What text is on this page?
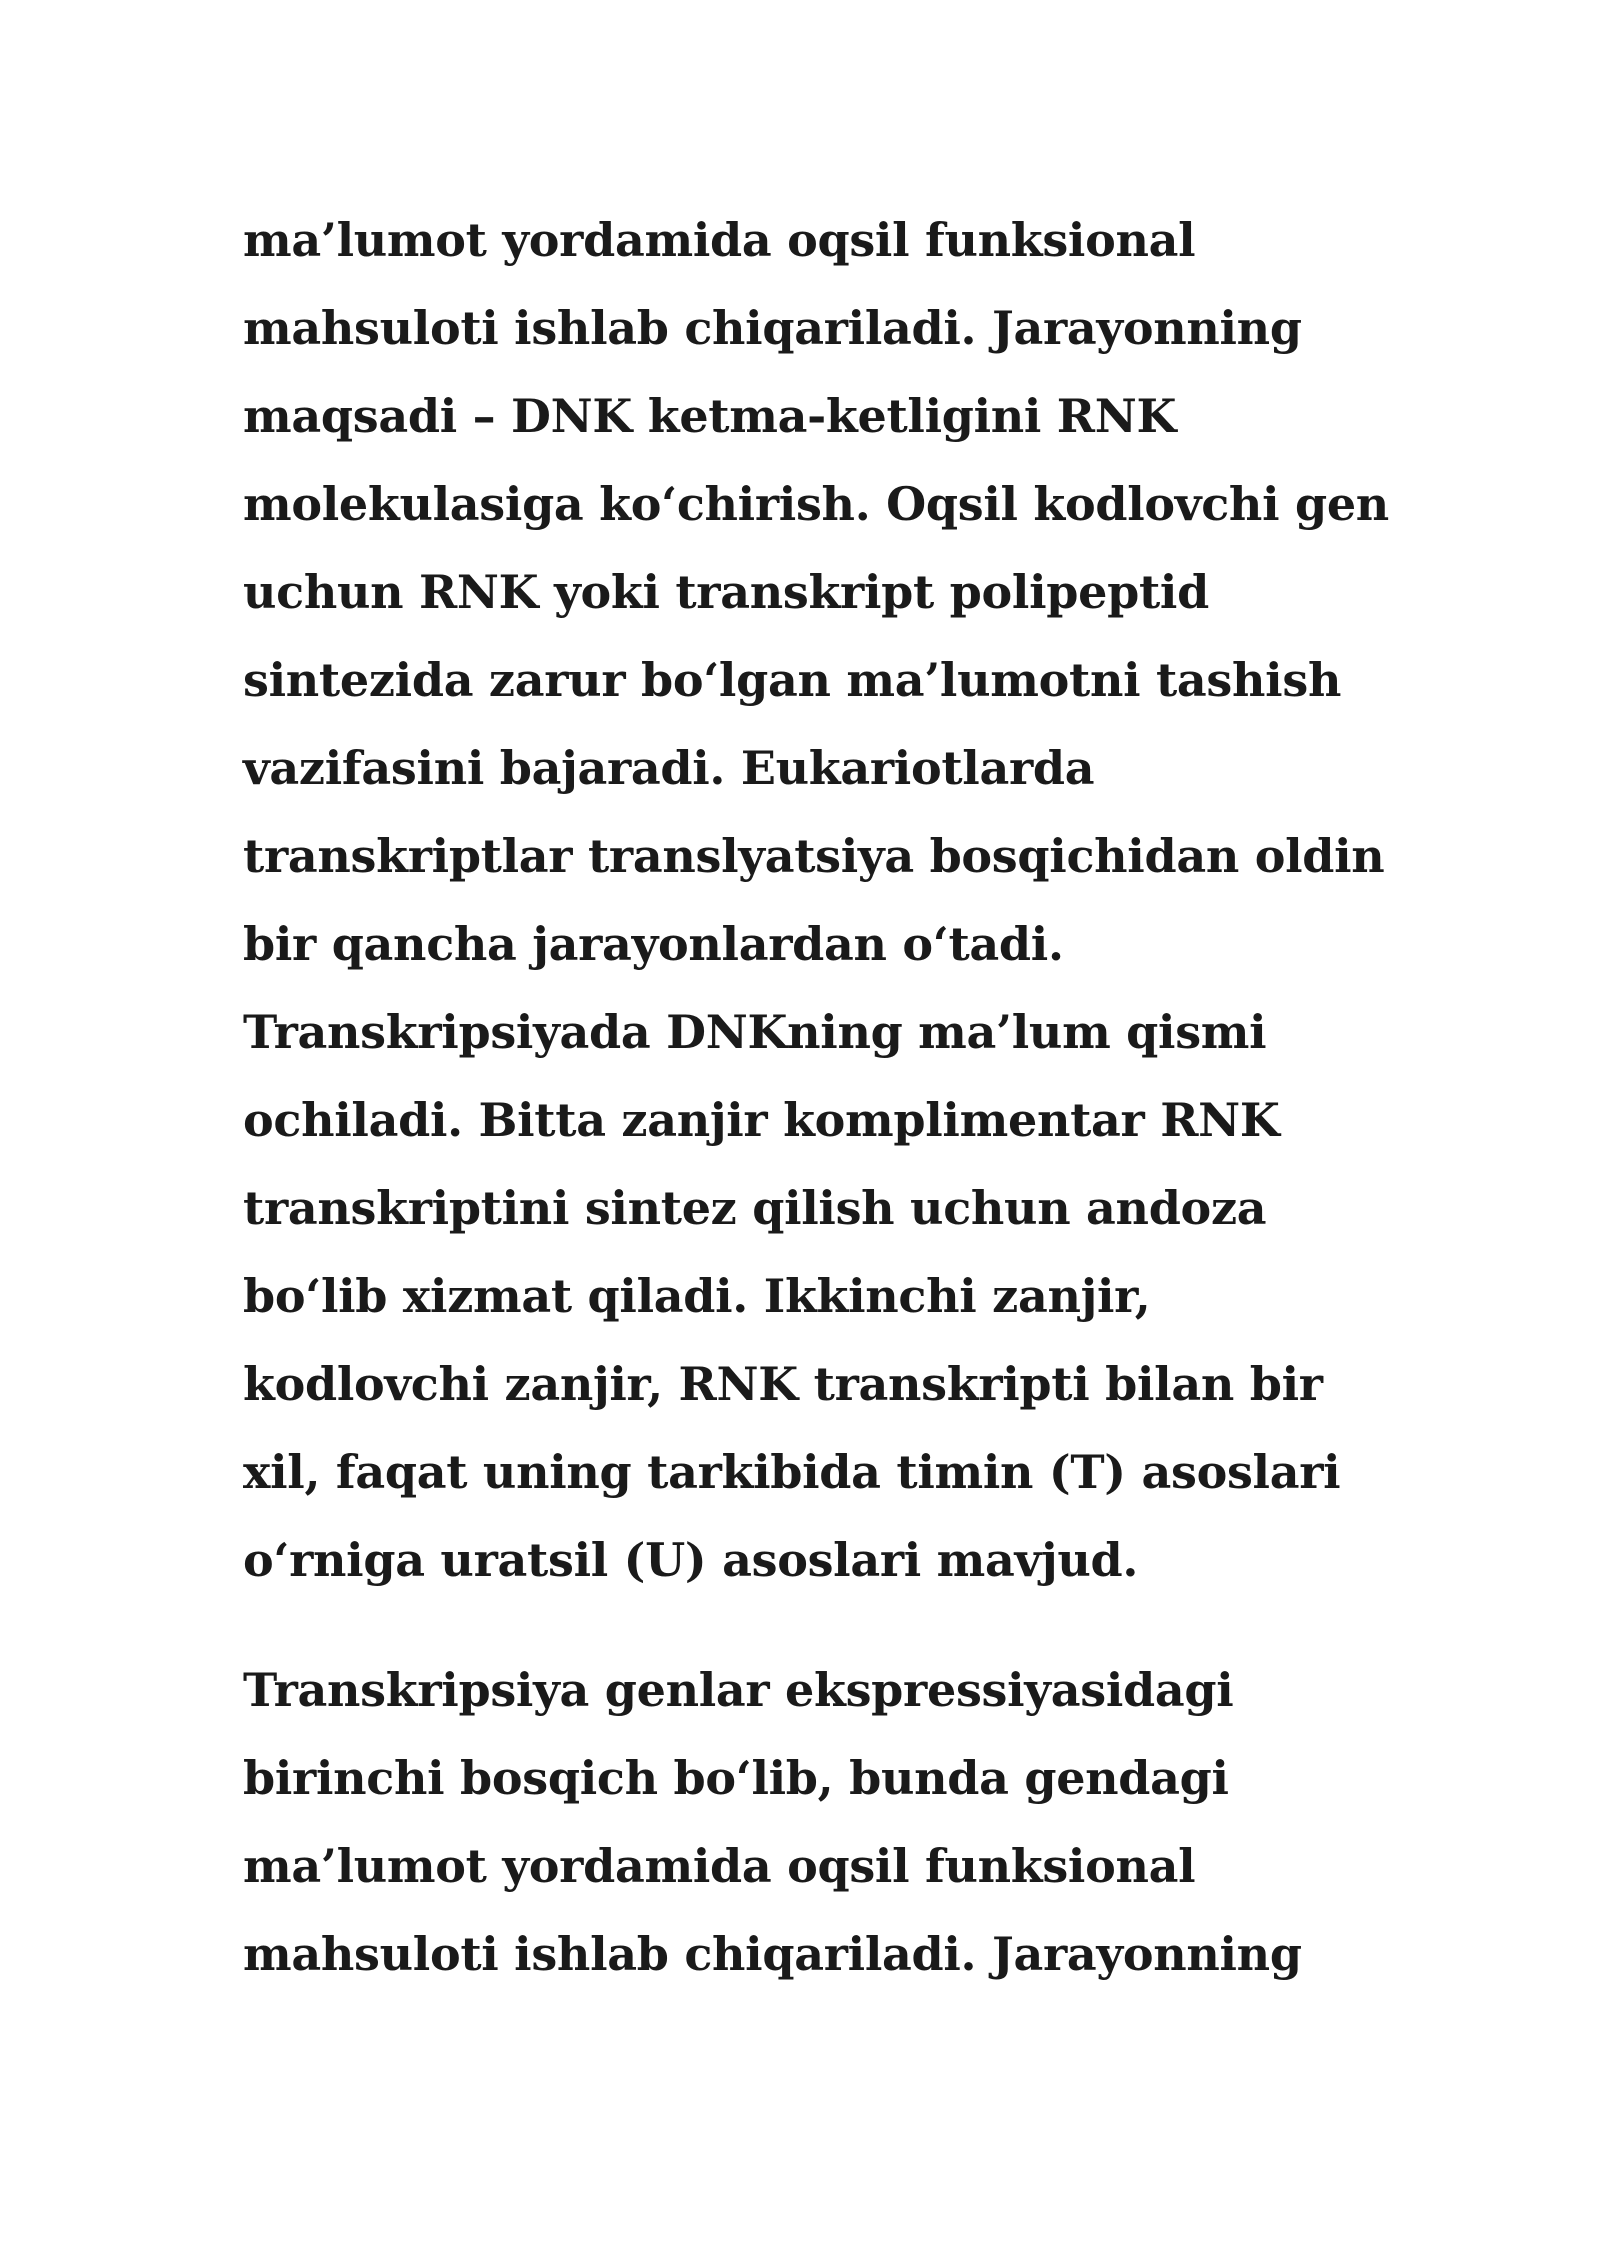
ma’lumot yordamida oqsil funksional
mahsuloti ishlab chiqariladi. Jarayonning
maqsadi – DNK ketma-ketligini RNK
molekulasiga ko‘chirish. Oqsil kodlovchi gen
uchun RNK yoki transkript polipeptid
sintezida zarur bo‘lgan ma’lumotni tashish
vazifasini bajaradi. Eukariotlarda
transkriptlar translyatsiya bosqichidan oldin
bir qancha jarayonlardan o‘tadi.
Transkripsiyada DNKning ma’lum qismi
ochiladi. Bitta zanjir komplimentar RNK
transkriptini sintez qilish uchun andoza
bo‘lib xizmat qiladi. Ikkinchi zanjir,
kodlovchi zanjir, RNK transkripti bilan bir
xil, faqat uning tarkibida timin (T) asoslari
o‘rniga uratsil (U) asoslari mavjud.
Transkripsiya genlar ekspressiyasidagi
birinchi bosqich bo‘lib, bunda gendagi
ma’lumot yordamida oqsil funksional
mahsuloti ishlab chiqariladi. Jarayonning
